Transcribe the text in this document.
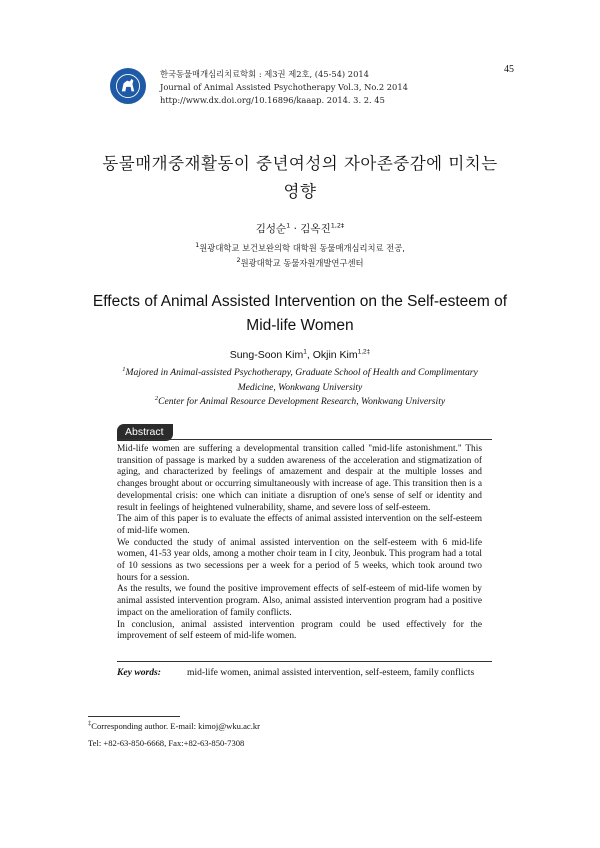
한국동물매개심리치료학회 : 제3권 제2호, (45-54) 2014
Journal of Animal Assisted Psychotherapy Vol.3, No.2 2014
http://www.dx.doi.org/10.16896/kaaap. 2014. 3. 2. 45
45
동물매개중재활동이 중년여성의 자아존중감에 미치는
영향
김성순$^1$ · 김옥진$^{1,2\ddagger}$
$^1$원광대학교 보건보완의학 대학원 동물매개심리치료 전공,
$^2$원광대학교 동물자원개발연구센터
Effects of Animal Assisted Intervention on the Self-esteem of
Mid-life Women
Sung-Soon Kim$^1$, Okjin Kim$^{1,2\ddagger}$
$^1$Majored in Animal-assisted Psychotherapy, Graduate School of Health and Complimentary
Medicine, Wonkwang University
$^2$Center for Animal Resource Development Research, Wonkwang University
Abstract

Mid-life women are suffering a developmental transition called "mid-life astonishment." This transition of passage is marked by a sudden awareness of the acceleration and stigmatization of aging, and characterized by feelings of amazement and despair at the multiple losses and changes brought about or occurring simultaneously with increase of age. This transition then is a developmental crisis: one which can initiate a disruption of one's sense of self or identity and result in feelings of heightened vulnerability, shame, and severe loss of self-esteem.

The aim of this paper is to evaluate the effects of animal assisted intervention on the self-esteem of mid-life women.

We conducted the study of animal assisted intervention on the self-esteem with 6 mid-life women, 41-53 year olds, among a mother choir team in I city, Jeonbuk. This program had a total of 10 sessions as two secessions per a week for a period of 5 weeks, which took around two hours for a session.

As the results, we found the positive improvement effects of self-esteem of mid-life women by animal assisted intervention program. Also, animal assisted intervention program had a positive impact on the amelioration of family conflicts.

In conclusion, animal assisted intervention program could be used effectively for the improvement of self esteem of mid-life women.

Key words:	mid-life women, animal assisted intervention, self-esteem, family conflicts
‡Corresponding author. E-mail: kimoj@wku.ac.kr
Tel: +82-63-850-6668, Fax:+82-63-850-7308
